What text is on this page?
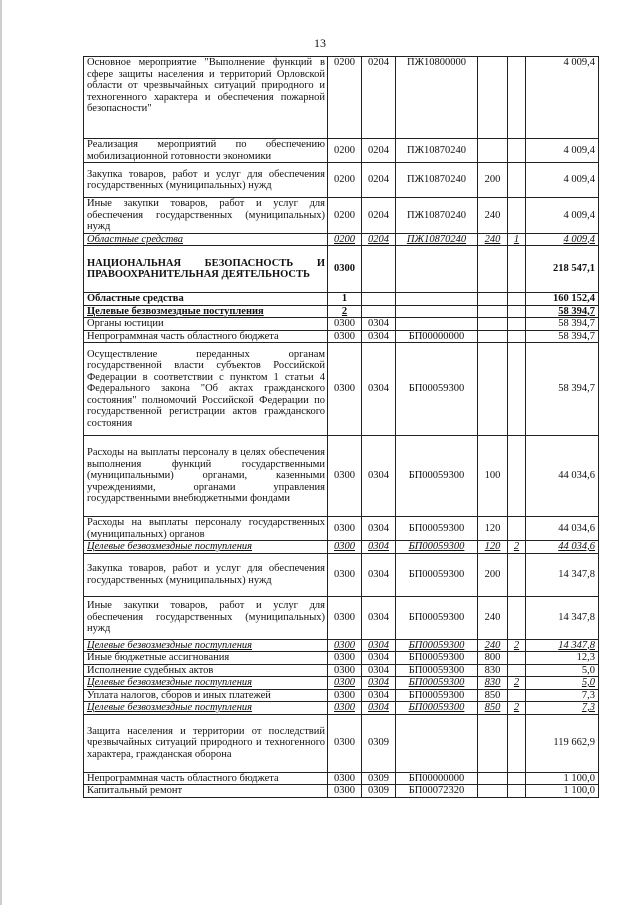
13
Основное мероприятие "Выполнение функций в сфере защиты населения и территорий Орловской области от чрезвычайных ситуаций природного и техногенного характера и обеспечения пожарной безопасности"	0200	0204	ПЖ10800000			4 009,4
Реализация мероприятий по обеспечению мобилизационной готовности экономики	0200	0204	ПЖ10870240			4 009,4
Закупка товаров, работ и услуг для обеспечения государственных (муниципальных) нужд	0200	0204	ПЖ10870240	200		4 009,4
Иные закупки товаров, работ и услуг для обеспечения государственных (муниципальных) нужд	0200	0204	ПЖ10870240	240		4 009,4
Областные средства	0200	0204	ПЖ10870240	240	1	4 009,4
НАЦИОНАЛЬНАЯ БЕЗОПАСНОСТЬ И ПРАВООХРАНИТЕЛЬНАЯ ДЕЯТЕЛЬНОСТЬ	0300					218 547,1
Областные средства	1					160 152,4
Целевые безвозмездные поступления	2					58 394,7
Органы юстиции	0300	0304				58 394,7
Непрограммная часть областного бюджета	0300	0304	БП00000000			58 394,7
Осуществление переданных органам государственной власти субъектов Российской Федерации в соответствии с пунктом 1 статьи 4 Федерального закона "Об актах гражданского состояния" полномочий Российской Федерации по государственной регистрации актов гражданского состояния	0300	0304	БП00059300			58 394,7
Расходы на выплаты персоналу в целях обеспечения выполнения функций государственными (муниципальными) органами, казенными учреждениями, органами управления государственными внебюджетными фондами	0300	0304	БП00059300	100		44 034,6
Расходы на выплаты персоналу государственных (муниципальных) органов	0300	0304	БП00059300	120		44 034,6
Целевые безвозмездные поступления	0300	0304	БП00059300	120	2	44 034,6
Закупка товаров, работ и услуг для обеспечения государственных (муниципальных) нужд	0300	0304	БП00059300	200		14 347,8
Иные закупки товаров, работ и услуг для обеспечения государственных (муниципальных) нужд	0300	0304	БП00059300	240		14 347,8
Целевые безвозмездные поступления	0300	0304	БП00059300	240	2	14 347,8
Иные бюджетные ассигнования	0300	0304	БП00059300	800		12,3
Исполнение судебных актов	0300	0304	БП00059300	830		5,0
Целевые безвозмездные поступления	0300	0304	БП00059300	830	2	5,0
Уплата налогов, сборов и иных платежей	0300	0304	БП00059300	850		7,3
Целевые безвозмездные поступления	0300	0304	БП00059300	850	2	7,3
Защита населения и территории от последствий чрезвычайных ситуаций природного и техногенного характера, гражданская оборона	0300	0309				119 662,9
Непрограммная часть областного бюджета	0300	0309	БП00000000			1 100,0
Капитальный ремонт	0300	0309	БП00072320			1 100,0
